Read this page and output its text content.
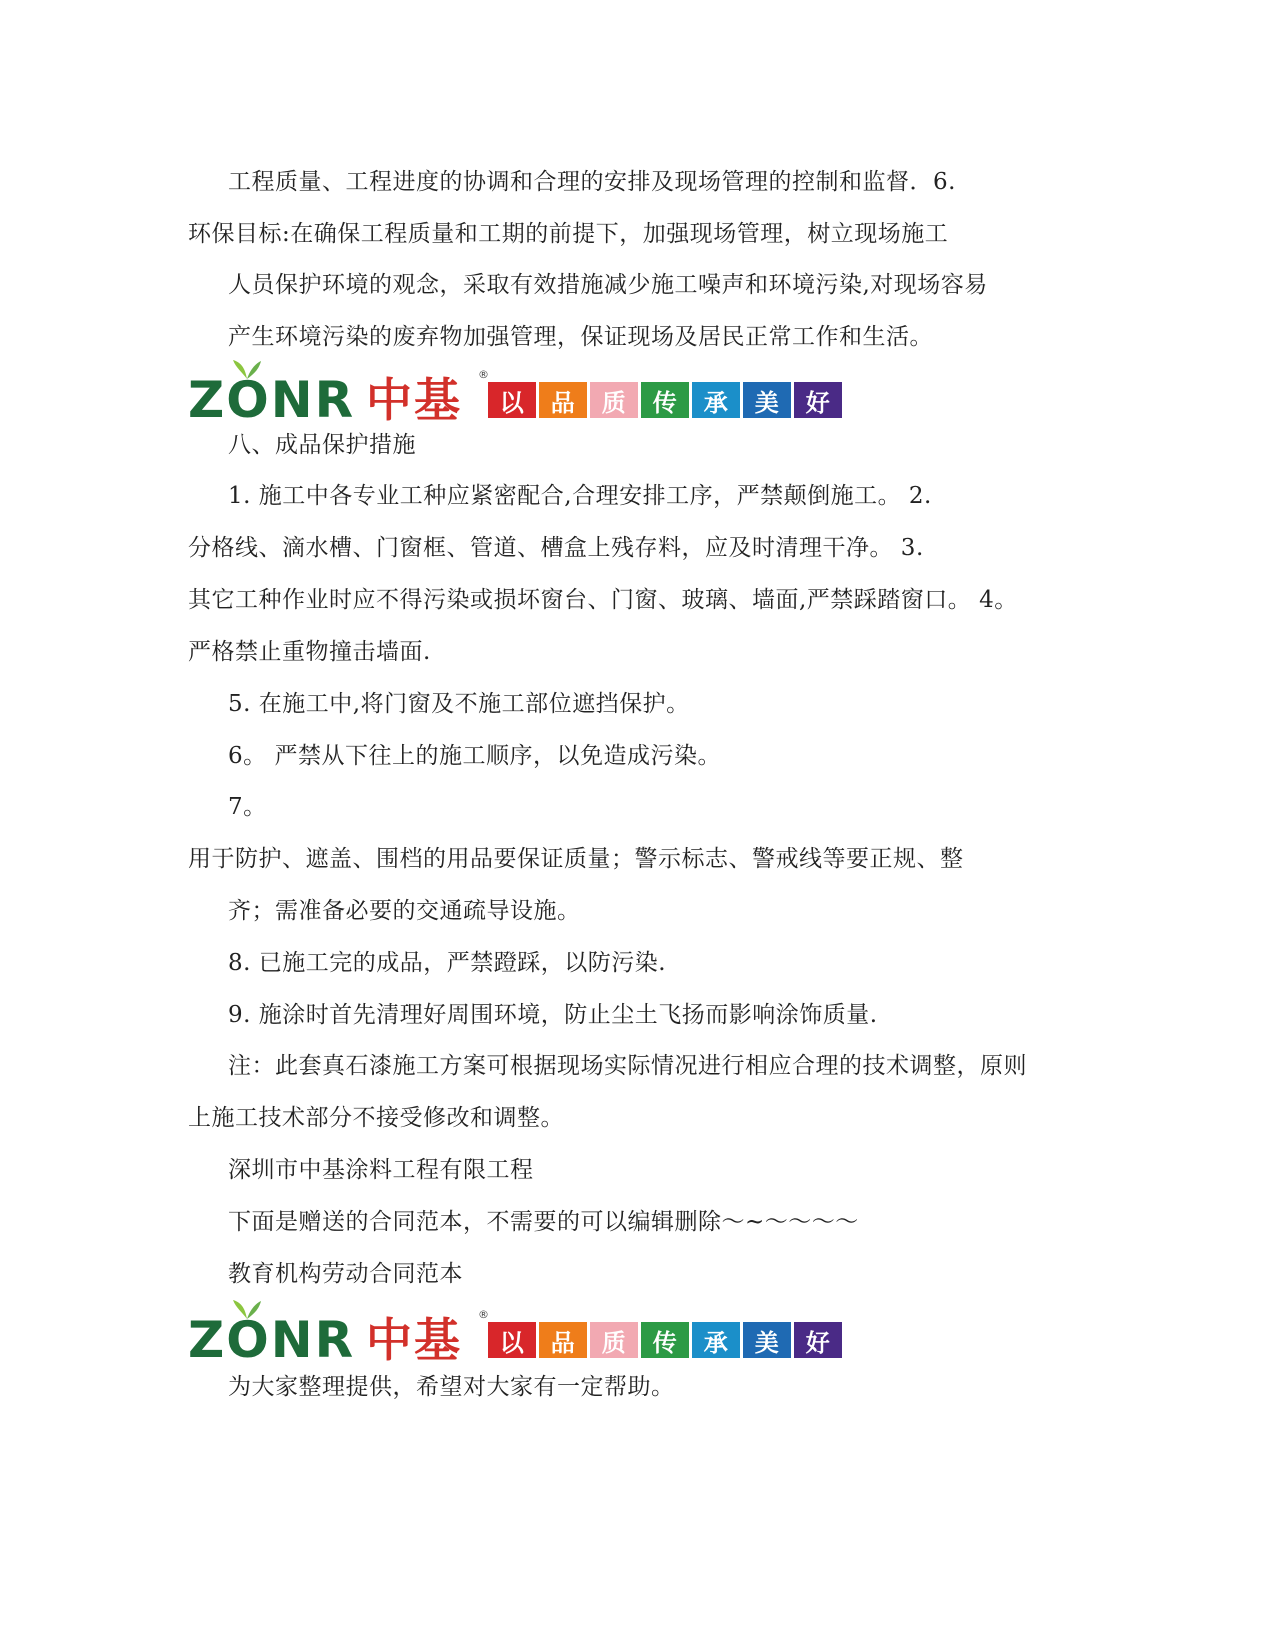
工程质量、工程进度的协调和合理的安排及现场管理的控制和监督．6.
环保目标:在确保工程质量和工期的前提下，加强现场管理，树立现场施工
人员保护环境的观念，采取有效措施减少施工噪声和环境污染,对现场容易
产生环境污染的废弃物加强管理，保证现场及居民正常工作和生活。
ZONR 中基 ®
以	品	质	传	承	美	好
八、成品保护措施
1. 施工中各专业工种应紧密配合,合理安排工序，严禁颠倒施工。 2.
分格线、滴水槽、门窗框、管道、槽盒上残存料，应及时清理干净。 3.
其它工种作业时应不得污染或损坏窗台、门窗、玻璃、墙面,严禁踩踏窗口。 4。
严格禁止重物撞击墙面.
5. 在施工中,将门窗及不施工部位遮挡保护。
6。 严禁从下往上的施工顺序，以免造成污染。
7。
用于防护、遮盖、围档的用品要保证质量；警示标志、警戒线等要正规、整
齐；需准备必要的交通疏导设施。
8. 已施工完的成品，严禁蹬踩，以防污染.
9. 施涂时首先清理好周围环境，防止尘土飞扬而影响涂饰质量.
注：此套真石漆施工方案可根据现场实际情况进行相应合理的技术调整，原则
上施工技术部分不接受修改和调整。
深圳市中基涂料工程有限工程
下面是赠送的合同范本，不需要的可以编辑删除～~～～～～
教育机构劳动合同范本
ZONR 中基 ®
以	品	质	传	承	美	好
为大家整理提供，希望对大家有一定帮助。
